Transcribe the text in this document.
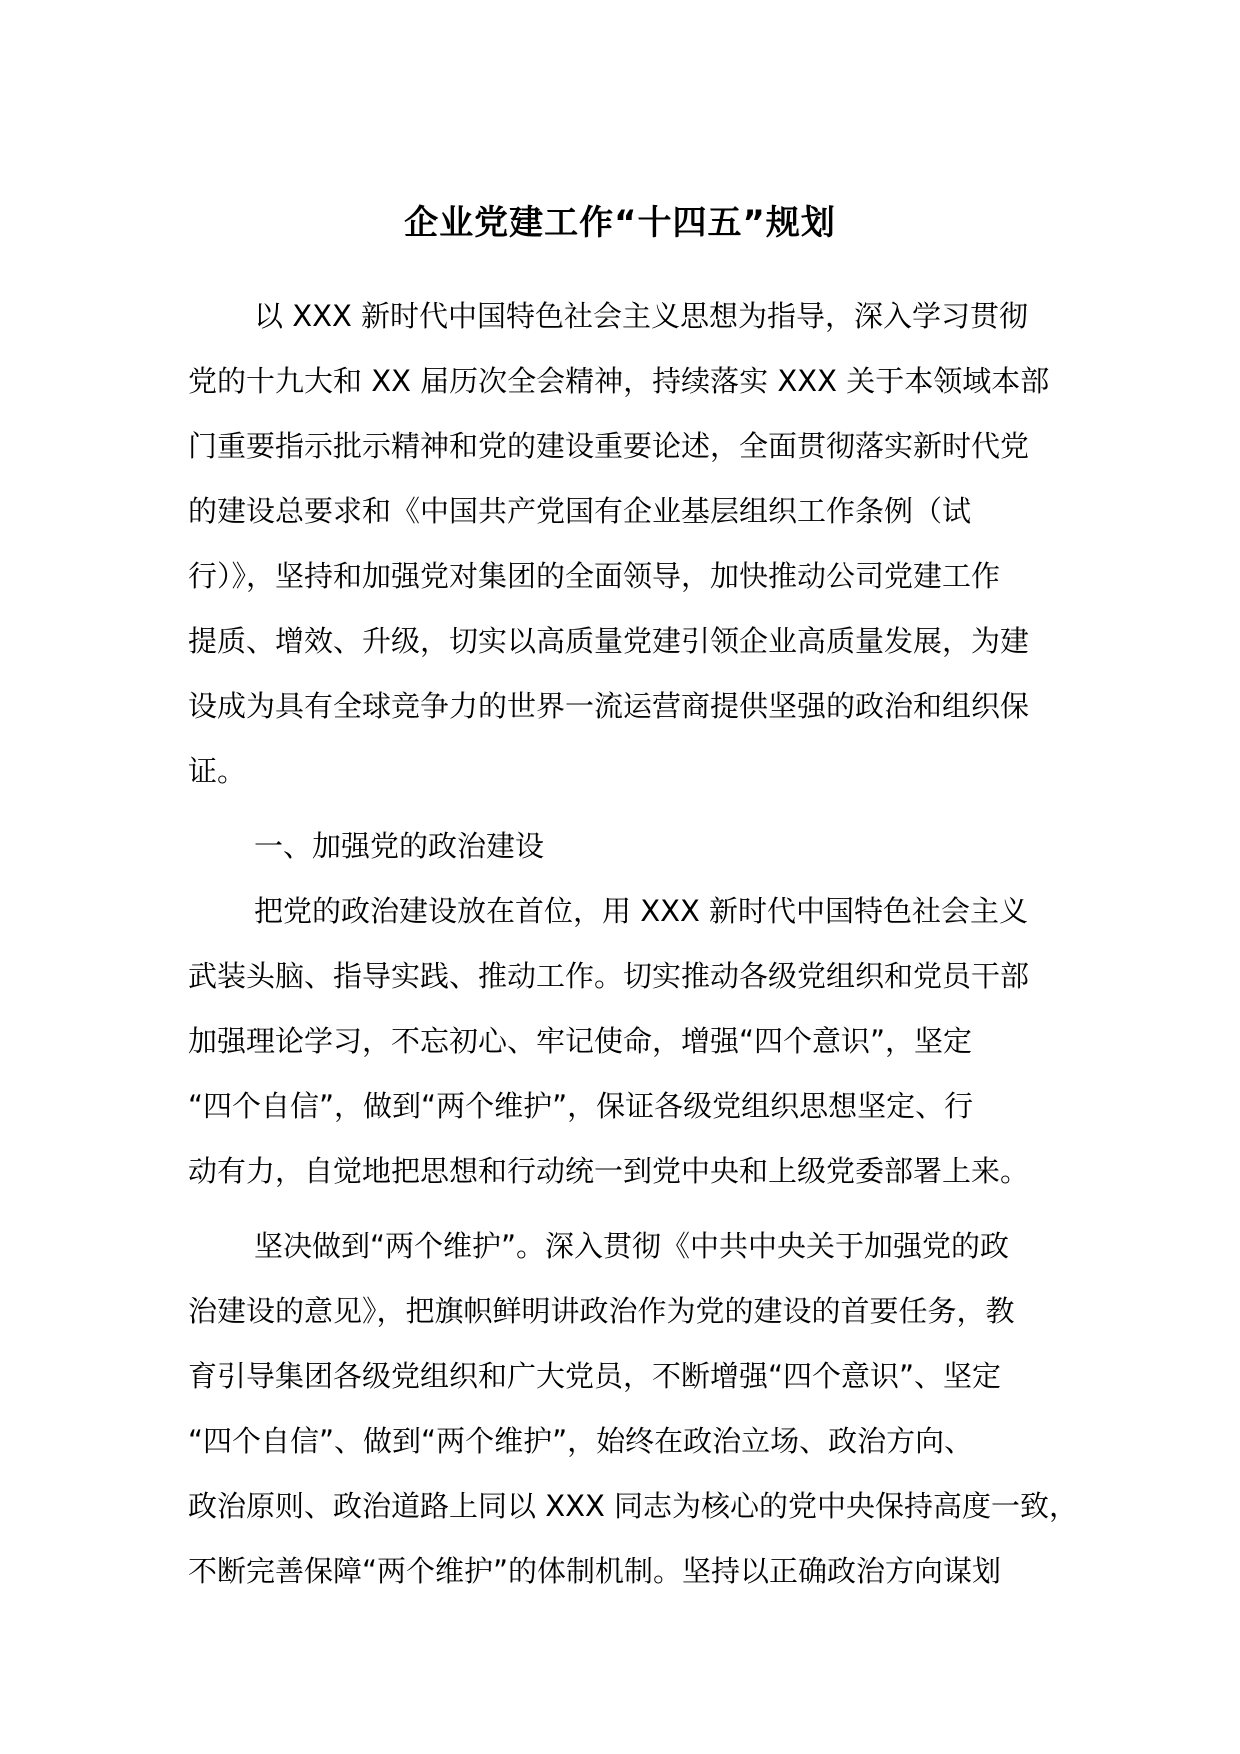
企业党建工作“十四五”规划
以 XXX 新时代中国特色社会主义思想为指导，深入学习贯彻
党的十九大和 XX 届历次全会精神，持续落实 XXX 关于本领域本部
门重要指示批示精神和党的建设重要论述，全面贯彻落实新时代党
的建设总要求和《中国共产党国有企业基层组织工作条例（试
行）》，坚持和加强党对集团的全面领导，加快推动公司党建工作
提质、增效、升级，切实以高质量党建引领企业高质量发展，为建
设成为具有全球竞争力的世界一流运营商提供坚强的政治和组织保
证。
一、加强党的政治建设
把党的政治建设放在首位，用 XXX 新时代中国特色社会主义
武装头脑、指导实践、推动工作。切实推动各级党组织和党员干部
加强理论学习，不忘初心、牢记使命，增强“四个意识”，坚定
“四个自信”，做到“两个维护”，保证各级党组织思想坚定、行
动有力，自觉地把思想和行动统一到党中央和上级党委部署上来。
坚决做到“两个维护”。深入贯彻《中共中央关于加强党的政
治建设的意见》，把旗帜鲜明讲政治作为党的建设的首要任务，教
育引导集团各级党组织和广大党员，不断增强“四个意识”、坚定
“四个自信”、做到“两个维护”，始终在政治立场、政治方向、
政治原则、政治道路上同以 XXX 同志为核心的党中央保持高度一致，
不断完善保障“两个维护”的体制机制。坚持以正确政治方向谋划
